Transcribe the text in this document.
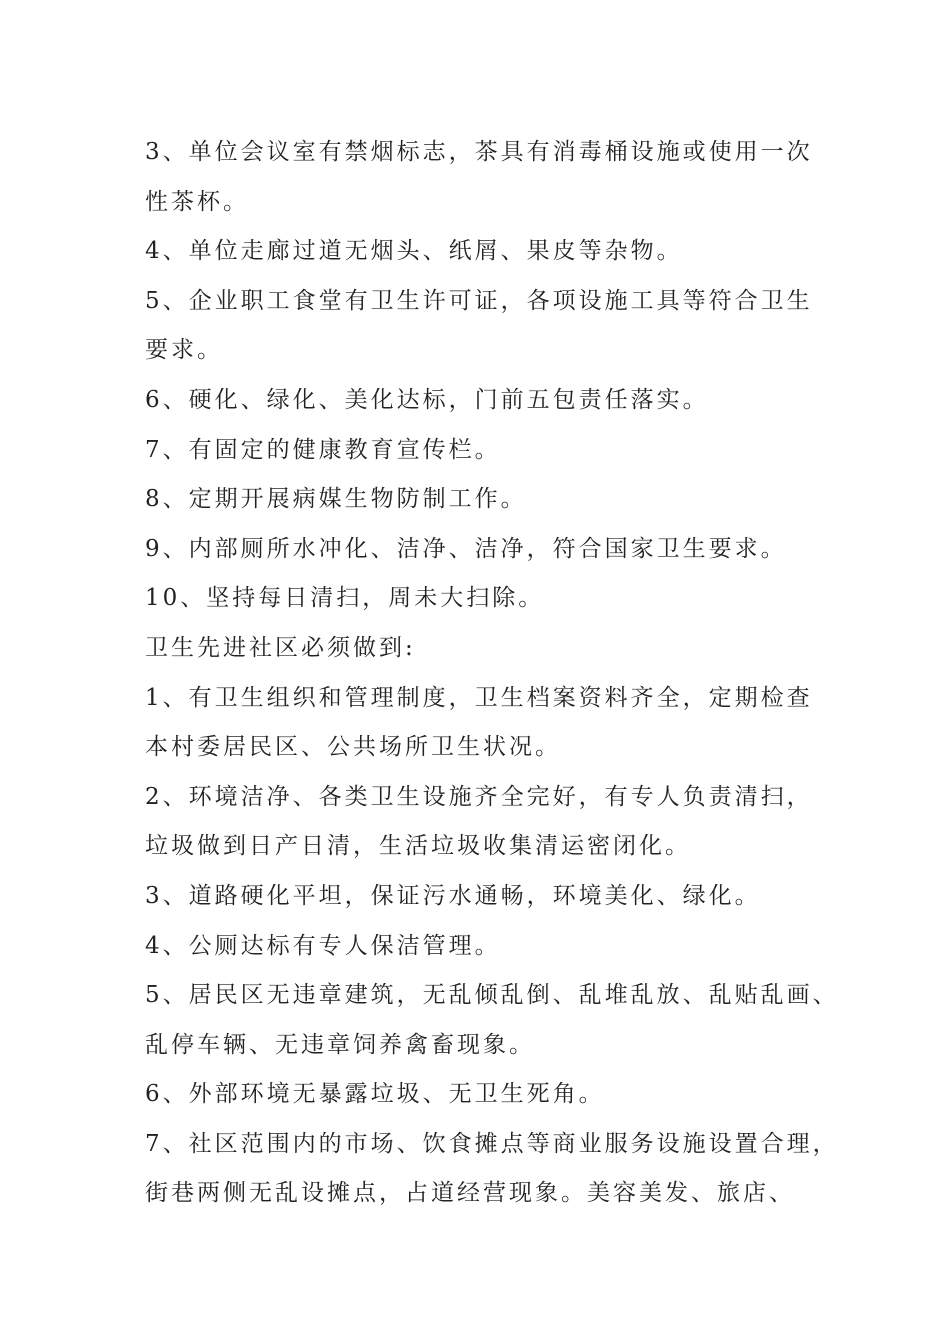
3、单位会议室有禁烟标志，茶具有消毒桶设施或使用一次
性茶杯。
4、单位走廊过道无烟头、纸屑、果皮等杂物。
5、企业职工食堂有卫生许可证，各项设施工具等符合卫生
要求。
6、硬化、绿化、美化达标，门前五包责任落实。
7、有固定的健康教育宣传栏。
8、定期开展病媒生物防制工作。
9、内部厕所水冲化、洁净、洁净，符合国家卫生要求。
10、坚持每日清扫，周未大扫除。
卫生先进社区必须做到:
1、有卫生组织和管理制度，卫生档案资料齐全，定期检查
本村委居民区、公共场所卫生状况。
2、环境洁净、各类卫生设施齐全完好，有专人负责清扫，
垃圾做到日产日清，生活垃圾收集清运密闭化。
3、道路硬化平坦，保证污水通畅，环境美化、绿化。
4、公厕达标有专人保洁管理。
5、居民区无违章建筑，无乱倾乱倒、乱堆乱放、乱贴乱画、
乱停车辆、无违章饲养禽畜现象。
6、外部环境无暴露垃圾、无卫生死角。
7、社区范围内的市场、饮食摊点等商业服务设施设置合理，
街巷两侧无乱设摊点，占道经营现象。美容美发、旅店、
